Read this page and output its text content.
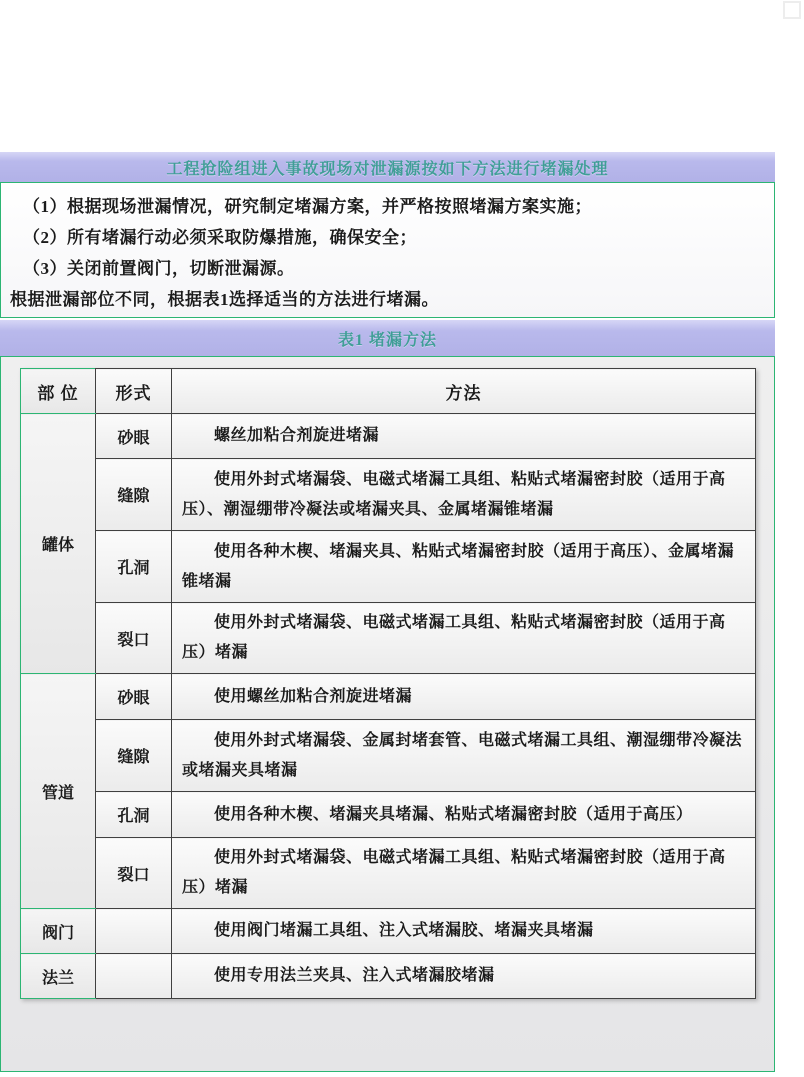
工程抢险组进入事故现场对泄漏源按如下方法进行堵漏处理
（1）根据现场泄漏情况，研究制定堵漏方案，并严格按照堵漏方案实施；
（2）所有堵漏行动必须采取防爆措施，确保安全；
（3）关闭前置阀门，切断泄漏源。
根据泄漏部位不同，根据表1选择适当的方法进行堵漏。
表1 堵漏方法
部 位	形式	方法
罐体	砂眼	螺丝加粘合剂旋进堵漏

	缝隙	使用外封式堵漏袋、电磁式堵漏工具组、粘贴式堵漏密封胶（适用于高压）、潮湿绷带冷凝法或堵漏夹具、金属堵漏锥堵漏

	孔洞	使用各种木楔、堵漏夹具、粘贴式堵漏密封胶（适用于高压）、金属堵漏锥堵漏

	裂口	使用外封式堵漏袋、电磁式堵漏工具组、粘贴式堵漏密封胶（适用于高压）堵漏

管道	砂眼	使用螺丝加粘合剂旋进堵漏

	缝隙	使用外封式堵漏袋、金属封堵套管、电磁式堵漏工具组、潮湿绷带冷凝法或堵漏夹具堵漏

	孔洞	使用各种木楔、堵漏夹具堵漏、粘贴式堵漏密封胶（适用于高压）

	裂口	使用外封式堵漏袋、电磁式堵漏工具组、粘贴式堵漏密封胶（适用于高压）堵漏

阀门		使用阀门堵漏工具组、注入式堵漏胶、堵漏夹具堵漏

法兰		使用专用法兰夹具、注入式堵漏胶堵漏
